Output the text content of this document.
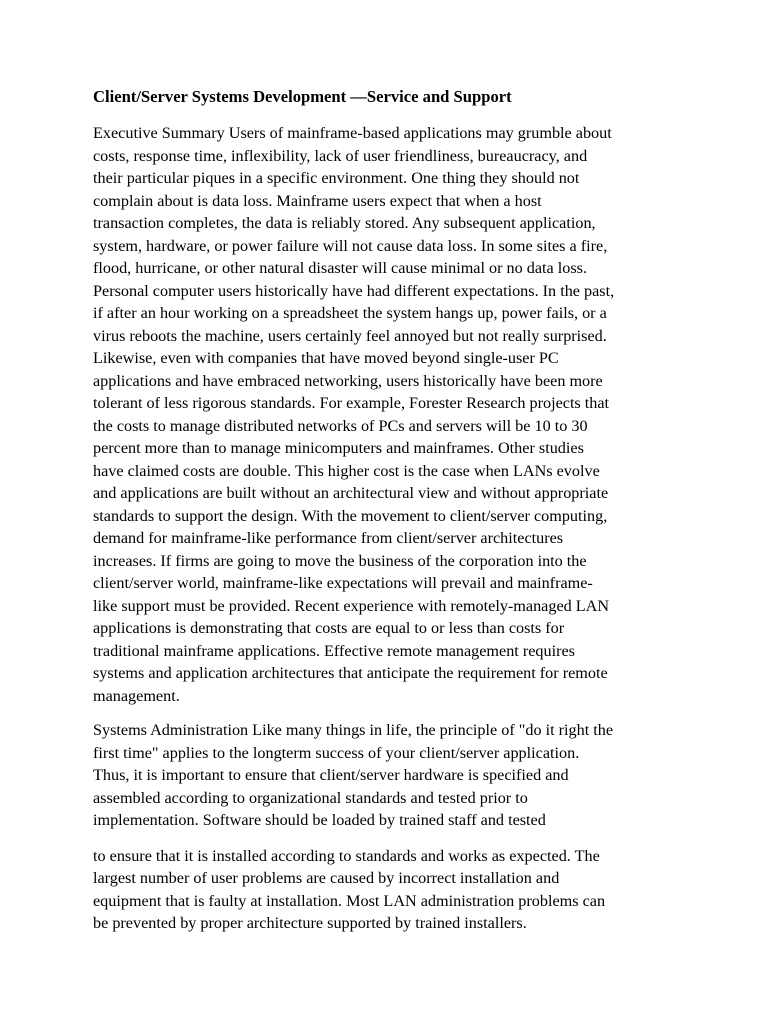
Client/Server Systems Development —Service and Support

Executive Summary Users of mainframe-based applications may grumble about
costs, response time, inflexibility, lack of user friendliness, bureaucracy, and
their particular piques in a specific environment. One thing they should not
complain about is data loss. Mainframe users expect that when a host
transaction completes, the data is reliably stored. Any subsequent application,
system, hardware, or power failure will not cause data loss. In some sites a fire,
flood, hurricane, or other natural disaster will cause minimal or no data loss.
Personal computer users historically have had different expectations. In the past,
if after an hour working on a spreadsheet the system hangs up, power fails, or a
virus reboots the machine, users certainly feel annoyed but not really surprised.
Likewise, even with companies that have moved beyond single-user PC
applications and have embraced networking, users historically have been more
tolerant of less rigorous standards. For example, Forester Research projects that
the costs to manage distributed networks of PCs and servers will be 10 to 30
percent more than to manage minicomputers and mainframes. Other studies
have claimed costs are double. This higher cost is the case when LANs evolve
and applications are built without an architectural view and without appropriate
standards to support the design. With the movement to client/server computing,
demand for mainframe-like performance from client/server architectures
increases. If firms are going to move the business of the corporation into the
client/server world, mainframe-like expectations will prevail and mainframe-
like support must be provided. Recent experience with remotely-managed LAN
applications is demonstrating that costs are equal to or less than costs for
traditional mainframe applications. Effective remote management requires
systems and application architectures that anticipate the requirement for remote
management.

Systems Administration Like many things in life, the principle of "do it right the
first time" applies to the longterm success of your client/server application.
Thus, it is important to ensure that client/server hardware is specified and
assembled according to organizational standards and tested prior to
implementation. Software should be loaded by trained staff and tested

to ensure that it is installed according to standards and works as expected. The
largest number of user problems are caused by incorrect installation and
equipment that is faulty at installation. Most LAN administration problems can
be prevented by proper architecture supported by trained installers.
